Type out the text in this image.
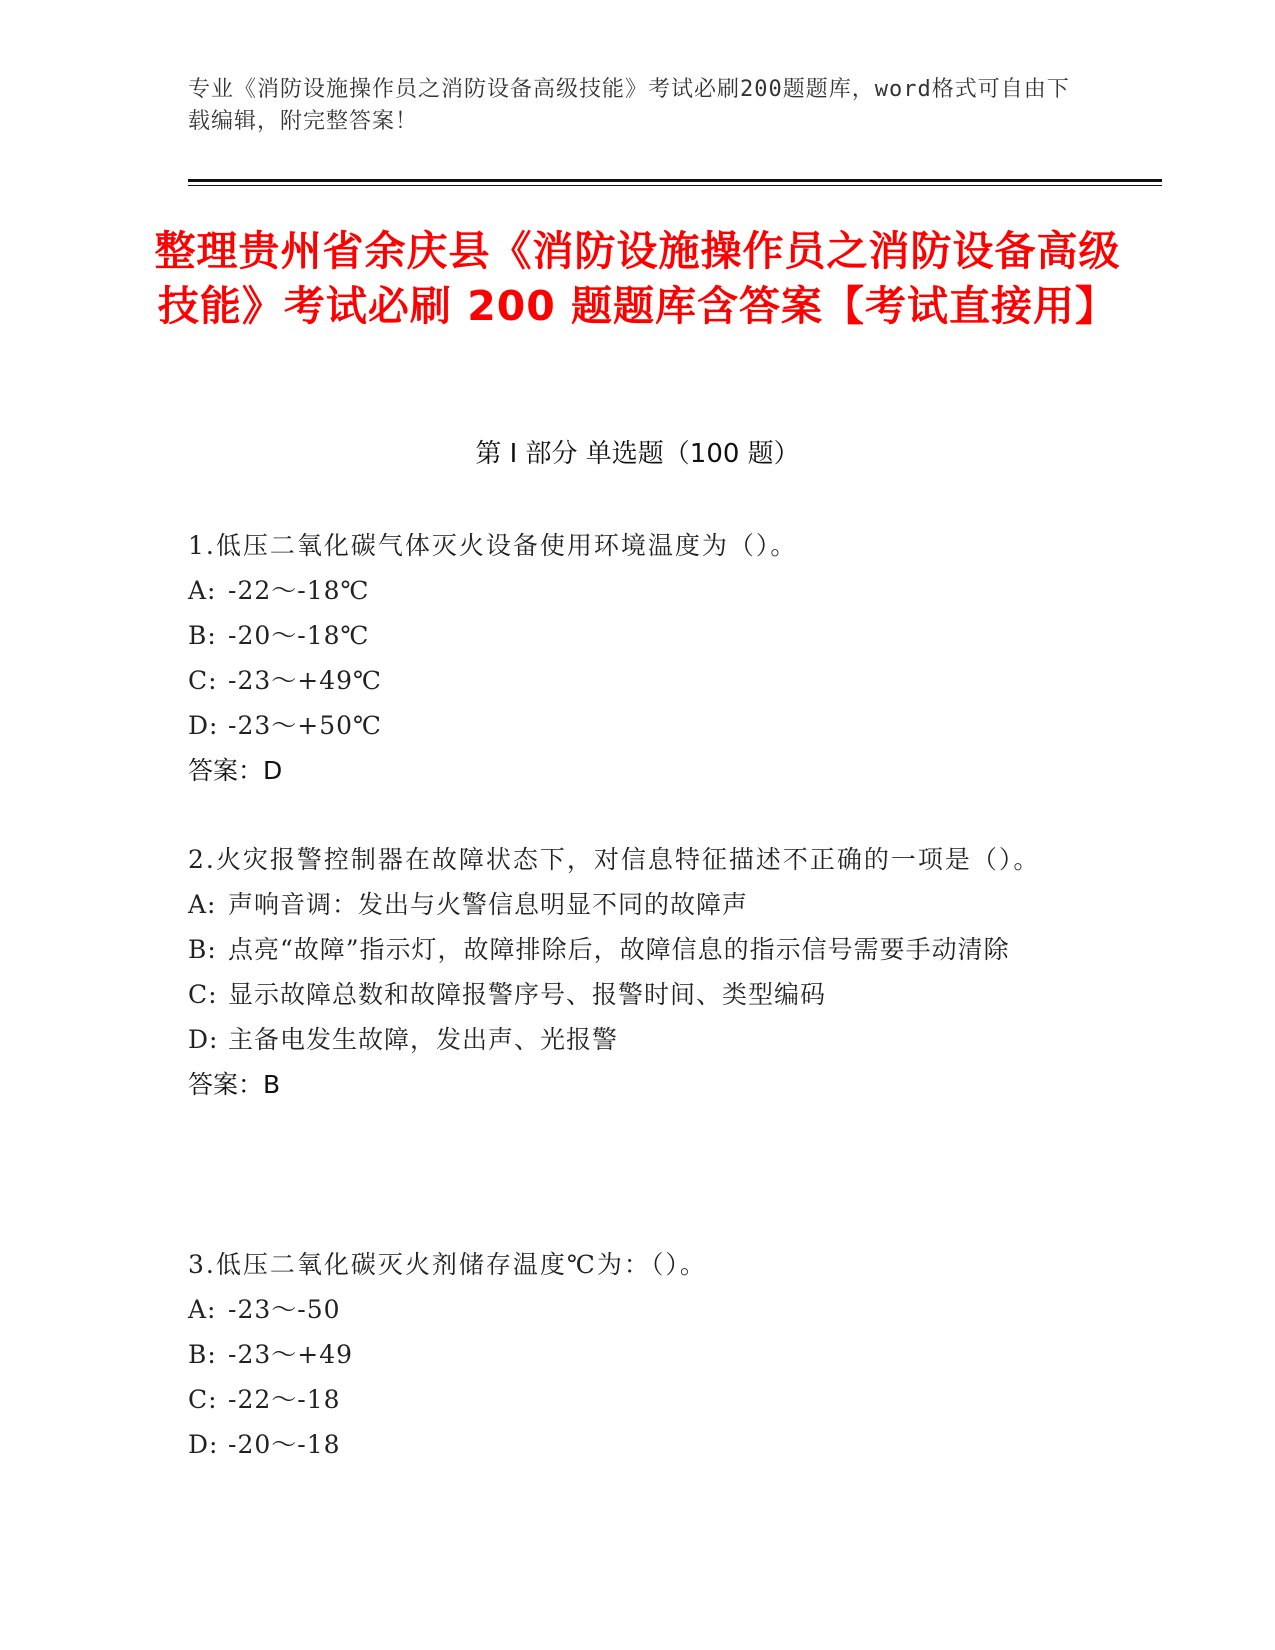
专业《消防设施操作员之消防设备高级技能》考试必刷200题题库，word格式可自由下载编辑，附完整答案！
整理贵州省余庆县《消防设施操作员之消防设备高级技能》考试必刷 200 题题库含答案【考试直接用】
第 I 部分 单选题（100 题）

1.低压二氧化碳气体灭火设备使用环境温度为（）。

A: -22～-18℃

B: -20～-18℃

C: -23～+49℃

D: -23～+50℃

答案：D

2.火灾报警控制器在故障状态下，对信息特征描述不正确的一项是（）。

A: 声响音调：发出与火警信息明显不同的故障声

B: 点亮“故障”指示灯，故障排除后，故障信息的指示信号需要手动清除

C: 显示故障总数和故障报警序号、报警时间、类型编码

D: 主备电发生故障，发出声、光报警

答案：B

3.低压二氧化碳灭火剂储存温度℃为：（）。

A: -23～-50

B: -23～+49

C: -22～-18

D: -20～-18
